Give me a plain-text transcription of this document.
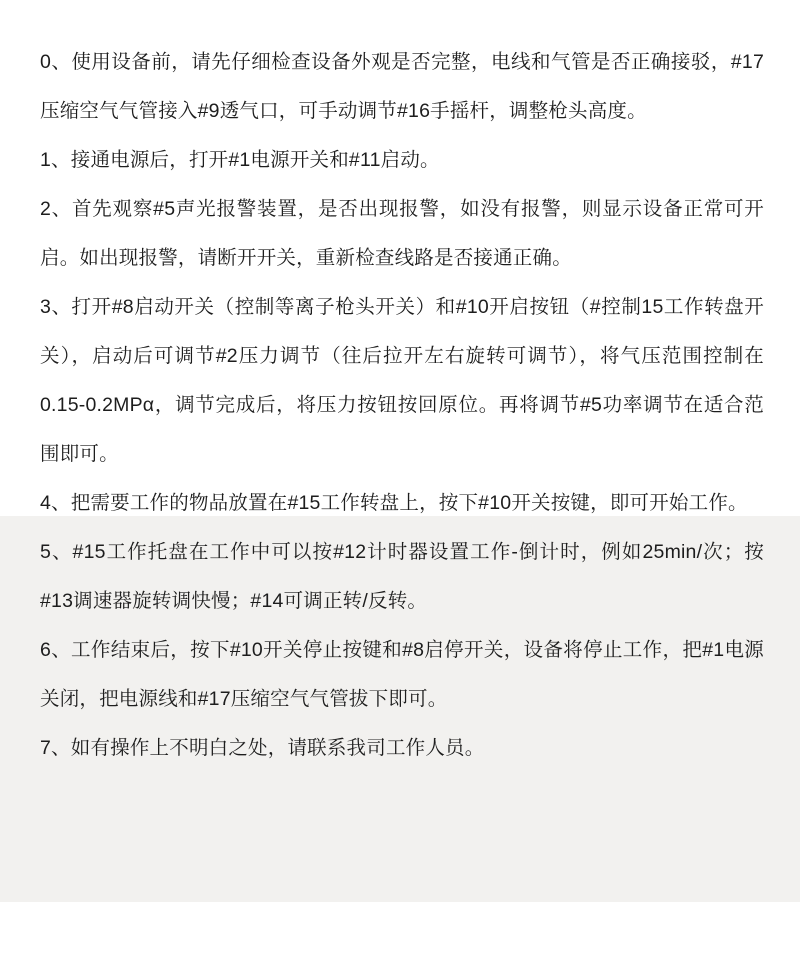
0、使用设备前，请先仔细检查设备外观是否完整，电线和气管是否正确接驳，#17压缩空气气管接入#9透气口，可手动调节#16手摇杆，调整枪头高度。

1、接通电源后，打开#1电源开关和#11启动。

2、首先观察#5声光报警装置，是否出现报警，如没有报警，则显示设备正常可开启。如出现报警，请断开开关，重新检查线路是否接通正确。

3、打开#8启动开关（控制等离子枪头开关）和#10开启按钮（#控制15工作转盘开关），启动后可调节#2压力调节（往后拉开左右旋转可调节），将气压范围控制在0.15-0.2MPα，调节完成后，将压力按钮按回原位。再将调节#5功率调节在适合范围即可。

4、把需要工作的物品放置在#15工作转盘上，按下#10开关按键，即可开始工作。

5、#15工作托盘在工作中可以按#12计时器设置工作-倒计时，例如25min/次；按#13调速器旋转调快慢；#14可调正转/反转。

6、工作结束后，按下#10开关停止按键和#8启停开关，设备将停止工作，把#1电源关闭，把电源线和#17压缩空气气管拔下即可。

7、如有操作上不明白之处，请联系我司工作人员。
